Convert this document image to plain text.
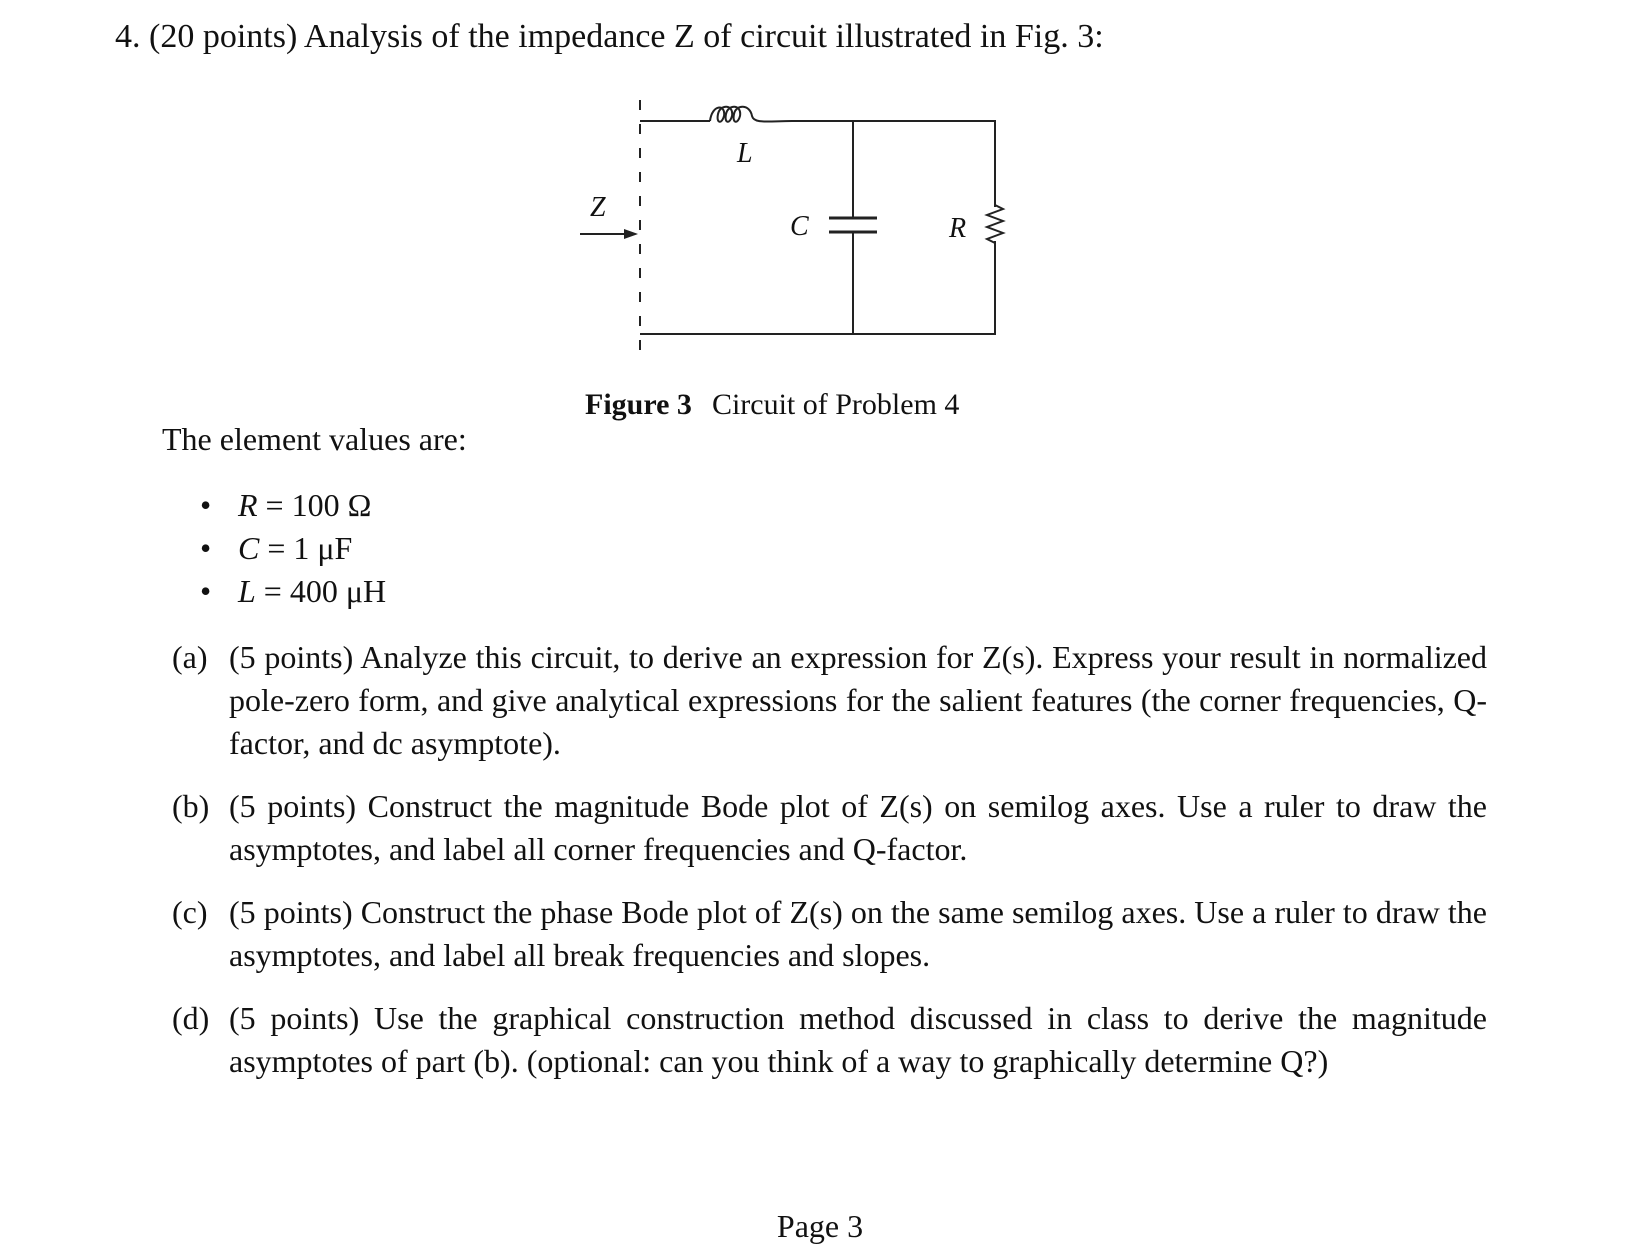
4. (20 points) Analysis of the impedance Z of circuit illustrated in Fig. 3:
Z
L
C	R
Figure 3 Circuit of Problem 4
The element values are:
• R = 100 Ω
• C = 1 μF
• L = 400 μH
(a) (5 points) Analyze this circuit, to derive an expression for Z(s). Express your result in normalized pole-zero form, and give analytical expressions for the salient features (the corner frequencies, Q-factor, and dc asymptote).
(b) (5 points) Construct the magnitude Bode plot of Z(s) on semilog axes. Use a ruler to draw the asymptotes, and label all corner frequencies and Q-factor.
(c) (5 points) Construct the phase Bode plot of Z(s) on the same semilog axes. Use a ruler to draw the asymptotes, and label all break frequencies and slopes.
(d) (5 points) Use the graphical construction method discussed in class to derive the magnitude asymptotes of part (b). (optional: can you think of a way to graphically determine Q?)
Page 3
